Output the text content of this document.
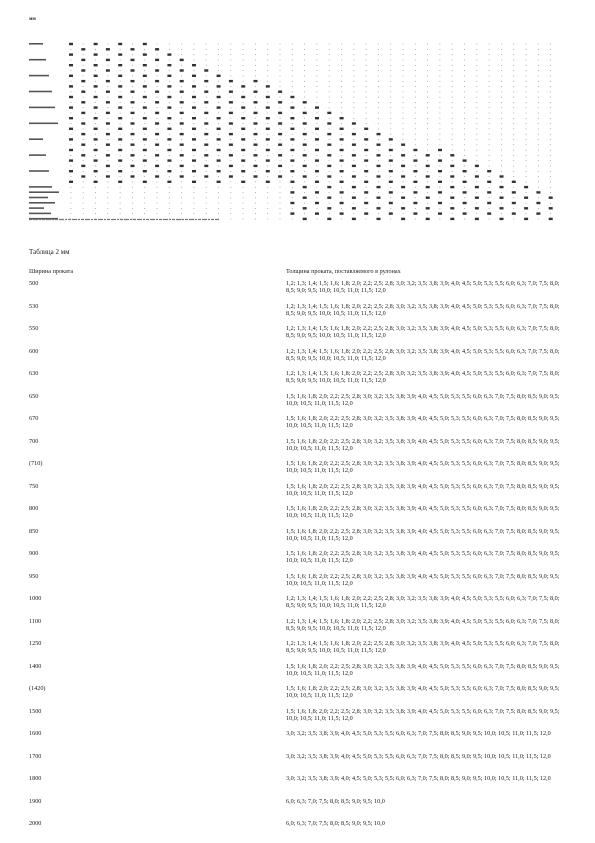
мм
Таблица 2 мм
Ширина проката	Толщина проката, поставляемого в рулонах
500	1,2; 1,3; 1,4; 1,5; 1,6; 1,8; 2,0; 2,2; 2,5; 2,8; 3,0; 3,2; 3,5; 3,8; 3,9; 4,0; 4,5; 5,0; 5,3; 5,5; 6,0; 6,3; 7,0; 7,5; 8,0; 8,5; 9,0; 9,5; 10,0; 10,5; 11,0; 11,5; 12,0
530	1,2; 1,3; 1,4; 1,5; 1,6; 1,8; 2,0; 2,2; 2,5; 2,8; 3,0; 3,2; 3,5; 3,8; 3,9; 4,0; 4,5; 5,0; 5,3; 5,5; 6,0; 6,3; 7,0; 7,5; 8,0; 8,5; 9,0; 9,5; 10,0; 10,5; 11,0; 11,5; 12,0
550	1,2; 1,3; 1,4; 1,5; 1,6; 1,8; 2,0; 2,2; 2,5; 2,8; 3,0; 3,2; 3,5; 3,8; 3,9; 4,0; 4,5; 5,0; 5,3; 5,5; 6,0; 6,3; 7,0; 7,5; 8,0; 8,5; 9,0; 9,5; 10,0; 10,5; 11,0; 11,5; 12,0
600	1,2; 1,3; 1,4; 1,5; 1,6; 1,8; 2,0; 2,2; 2,5; 2,8; 3,0; 3,2; 3,5; 3,8; 3,9; 4,0; 4,5; 5,0; 5,3; 5,5; 6,0; 6,3; 7,0; 7,5; 8,0; 8,5; 9,0; 9,5; 10,0; 10,5; 11,0; 11,5; 12,0
630	1,2; 1,3; 1,4; 1,5; 1,6; 1,8; 2,0; 2,2; 2,5; 2,8; 3,0; 3,2; 3,5; 3,8; 3,9; 4,0; 4,5; 5,0; 5,3; 5,5; 6,0; 6,3; 7,0; 7,5; 8,0; 8,5; 9,0; 9,5; 10,0; 10,5; 11,0; 11,5; 12,0
650	1,5; 1,6; 1,8; 2,0; 2,2; 2,5; 2,8; 3,0; 3,2; 3,5; 3,8; 3,9; 4,0; 4,5; 5,0; 5,3; 5,5; 6,0; 6,3; 7,0; 7,5; 8,0; 8,5; 9,0; 9,5; 10,0; 10,5; 11,0; 11,5; 12,0
670	1,5; 1,6; 1,8; 2,0; 2,2; 2,5; 2,8; 3,0; 3,2; 3,5; 3,8; 3,9; 4,0; 4,5; 5,0; 5,3; 5,5; 6,0; 6,3; 7,0; 7,5; 8,0; 8,5; 9,0; 9,5; 10,0; 10,5; 11,0; 11,5; 12,0
700	1,5; 1,6; 1,8; 2,0; 2,2; 2,5; 2,8; 3,0; 3,2; 3,5; 3,8; 3,9; 4,0; 4,5; 5,0; 5,3; 5,5; 6,0; 6,3; 7,0; 7,5; 8,0; 8,5; 9,0; 9,5; 10,0; 10,5; 11,0; 11,5; 12,0
(710)	1,5; 1,6; 1,8; 2,0; 2,2; 2,5; 2,8; 3,0; 3,2; 3,5; 3,8; 3,9; 4,0; 4,5; 5,0; 5,3; 5,5; 6,0; 6,3; 7,0; 7,5; 8,0; 8,5; 9,0; 9,5; 10,0; 10,5; 11,0; 11,5; 12,0
750	1,5; 1,6; 1,8; 2,0; 2,2; 2,5; 2,8; 3,0; 3,2; 3,5; 3,8; 3,9; 4,0; 4,5; 5,0; 5,3; 5,5; 6,0; 6,3; 7,0; 7,5; 8,0; 8,5; 9,0; 9,5; 10,0; 10,5; 11,0; 11,5; 12,0
800	1,5; 1,6; 1,8; 2,0; 2,2; 2,5; 2,8; 3,0; 3,2; 3,5; 3,8; 3,9; 4,0; 4,5; 5,0; 5,3; 5,5; 6,0; 6,3; 7,0; 7,5; 8,0; 8,5; 9,0; 9,5; 10,0; 10,5; 11,0; 11,5; 12,0
850	1,5; 1,6; 1,8; 2,0; 2,2; 2,5; 2,8; 3,0; 3,2; 3,5; 3,8; 3,9; 4,0; 4,5; 5,0; 5,3; 5,5; 6,0; 6,3; 7,0; 7,5; 8,0; 8,5; 9,0; 9,5; 10,0; 10,5; 11,0; 11,5; 12,0
900	1,5; 1,6; 1,8; 2,0; 2,2; 2,5; 2,8; 3,0; 3,2; 3,5; 3,8; 3,9; 4,0; 4,5; 5,0; 5,3; 5,5; 6,0; 6,3; 7,0; 7,5; 8,0; 8,5; 9,0; 9,5; 10,0; 10,5; 11,0; 11,5; 12,0
950	1,5; 1,6; 1,8; 2,0; 2,2; 2,5; 2,8; 3,0; 3,2; 3,5; 3,8; 3,9; 4,0; 4,5; 5,0; 5,3; 5,5; 6,0; 6,3; 7,0; 7,5; 8,0; 8,5; 9,0; 9,5; 10,0; 10,5; 11,0; 11,5; 12,0
1000	1,2; 1,3; 1,4; 1,5; 1,6; 1,8; 2,0; 2,2; 2,5; 2,8; 3,0; 3,2; 3,5; 3,8; 3,9; 4,0; 4,5; 5,0; 5,3; 5,5; 6,0; 6,3; 7,0; 7,5; 8,0; 8,5; 9,0; 9,5; 10,0; 10,5; 11,0; 11,5; 12,0
1100	1,2; 1,3; 1,4; 1,5; 1,6; 1,8; 2,0; 2,2; 2,5; 2,8; 3,0; 3,2; 3,5; 3,8; 3,9; 4,0; 4,5; 5,0; 5,3; 5,5; 6,0; 6,3; 7,0; 7,5; 8,0; 8,5; 9,0; 9,5; 10,0; 10,5; 11,0; 11,5; 12,0
1250	1,2; 1,3; 1,4; 1,5; 1,6; 1,8; 2,0; 2,2; 2,5; 2,8; 3,0; 3,2; 3,5; 3,8; 3,9; 4,0; 4,5; 5,0; 5,3; 5,5; 6,0; 6,3; 7,0; 7,5; 8,0; 8,5; 9,0; 9,5; 10,0; 10,5; 11,0; 11,5; 12,0
1400	1,5; 1,6; 1,8; 2,0; 2,2; 2,5; 2,8; 3,0; 3,2; 3,5; 3,8; 3,9; 4,0; 4,5; 5,0; 5,3; 5,5; 6,0; 6,3; 7,0; 7,5; 8,0; 8,5; 9,0; 9,5; 10,0; 10,5; 11,0; 11,5; 12,0
(1420)	1,5; 1,6; 1,8; 2,0; 2,2; 2,5; 2,8; 3,0; 3,2; 3,5; 3,8; 3,9; 4,0; 4,5; 5,0; 5,3; 5,5; 6,0; 6,3; 7,0; 7,5; 8,0; 8,5; 9,0; 9,5; 10,0; 10,5; 11,0; 11,5; 12,0
1500	1,5; 1,6; 1,8; 2,0; 2,2; 2,5; 2,8; 3,0; 3,2; 3,5; 3,8; 3,9; 4,0; 4,5; 5,0; 5,3; 5,5; 6,0; 6,3; 7,0; 7,5; 8,0; 8,5; 9,0; 9,5; 10,0; 10,5; 11,0; 11,5; 12,0
1600	3,0; 3,2; 3,5; 3,8; 3,9; 4,0; 4,5; 5,0; 5,3; 5,5; 6,0; 6,3; 7,0; 7,5; 8,0; 8,5; 9,0; 9,5; 10,0; 10,5; 11,0; 11,5; 12,0
1700	3,0; 3,2; 3,5; 3,8; 3,9; 4,0; 4,5; 5,0; 5,3; 5,5; 6,0; 6,3; 7,0; 7,5; 8,0; 8,5; 9,0; 9,5; 10,0; 10,5; 11,0; 11,5; 12,0
1800	3,0; 3,2; 3,5; 3,8; 3,9; 4,0; 4,5; 5,0; 5,3; 5,5; 6,0; 6,3; 7,0; 7,5; 8,0; 8,5; 9,0; 9,5; 10,0; 10,5; 11,0; 11,5; 12,0
1900	6,0; 6,3; 7,0; 7,5; 8,0; 8,5; 9,0; 9,5; 10,0
2000	6,0; 6,3; 7,0; 7,5; 8,0; 8,5; 9,0; 9,5; 10,0
